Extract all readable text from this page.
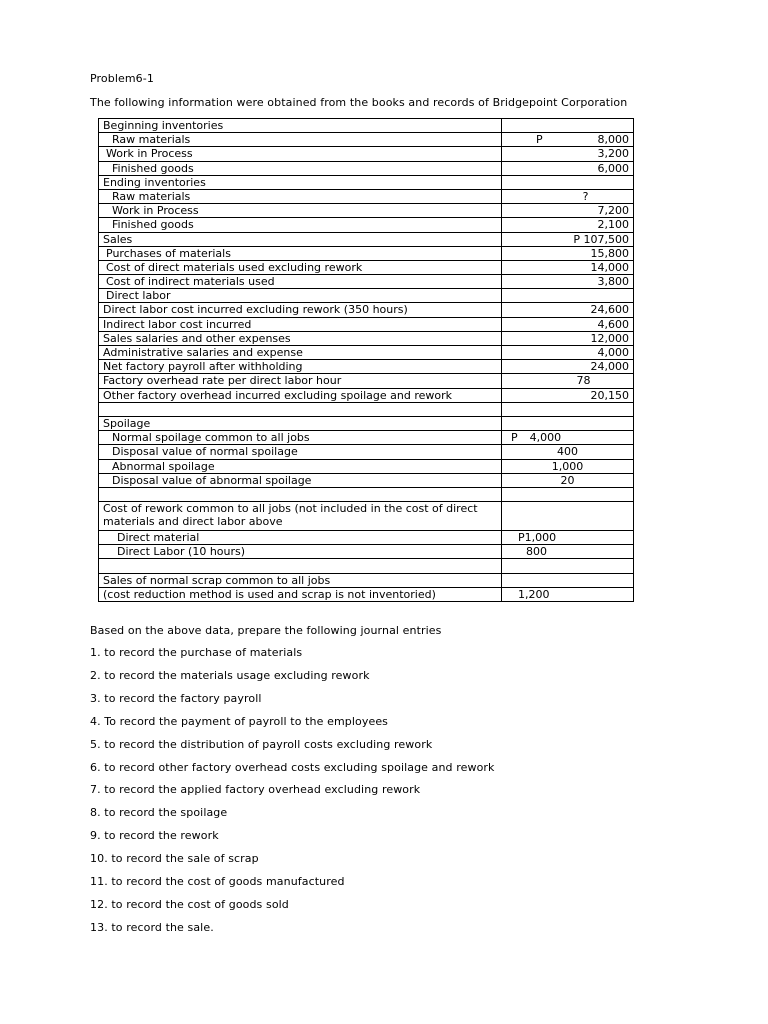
Problem6-1
The following information were obtained from the books and records of Bridgepoint Corporation
Beginning inventories	
Raw materials	P 8,000
Work in Process	3,200
Finished goods	6,000
Ending inventories	
Raw materials	?
Work in Process	7,200
Finished goods	2,100
Sales	P 107,500
Purchases of materials	15,800
Cost of direct materials used excluding rework	14,000
Cost of indirect materials used	3,800
Direct labor	
Direct labor cost incurred excluding rework (350 hours)	24,600
Indirect labor cost incurred	4,600
Sales salaries and other expenses	12,000
Administrative salaries and expense	4,000
Net factory payroll after withholding	24,000
Factory overhead rate per direct labor hour	78
Other factory overhead incurred excluding spoilage and rework	20,150

Spoilage	
Normal spoilage common to all jobs	P 4,000
Disposal value of normal spoilage	400
Abnormal spoilage	1,000
Disposal value of abnormal spoilage	20

Cost of rework common to all jobs (not included in the cost of direct materials and direct labor above	
Direct material	P1,000
Direct Labor (10 hours)	800

Sales of normal scrap common to all jobs	
(cost reduction method is used and scrap is not inventoried)	1,200
Based on the above data, prepare the following journal entries
1. to record the purchase of materials
2. to record the materials usage excluding rework
3. to record the factory payroll
4. To record the payment of payroll to the employees
5. to record the distribution of payroll costs excluding rework
6. to record other factory overhead costs excluding spoilage and rework
7. to record the applied factory overhead excluding rework
8. to record the spoilage
9. to record the rework
10. to record the sale of scrap
11. to record the cost of goods manufactured
12. to record the cost of goods sold
13. to record the sale.
